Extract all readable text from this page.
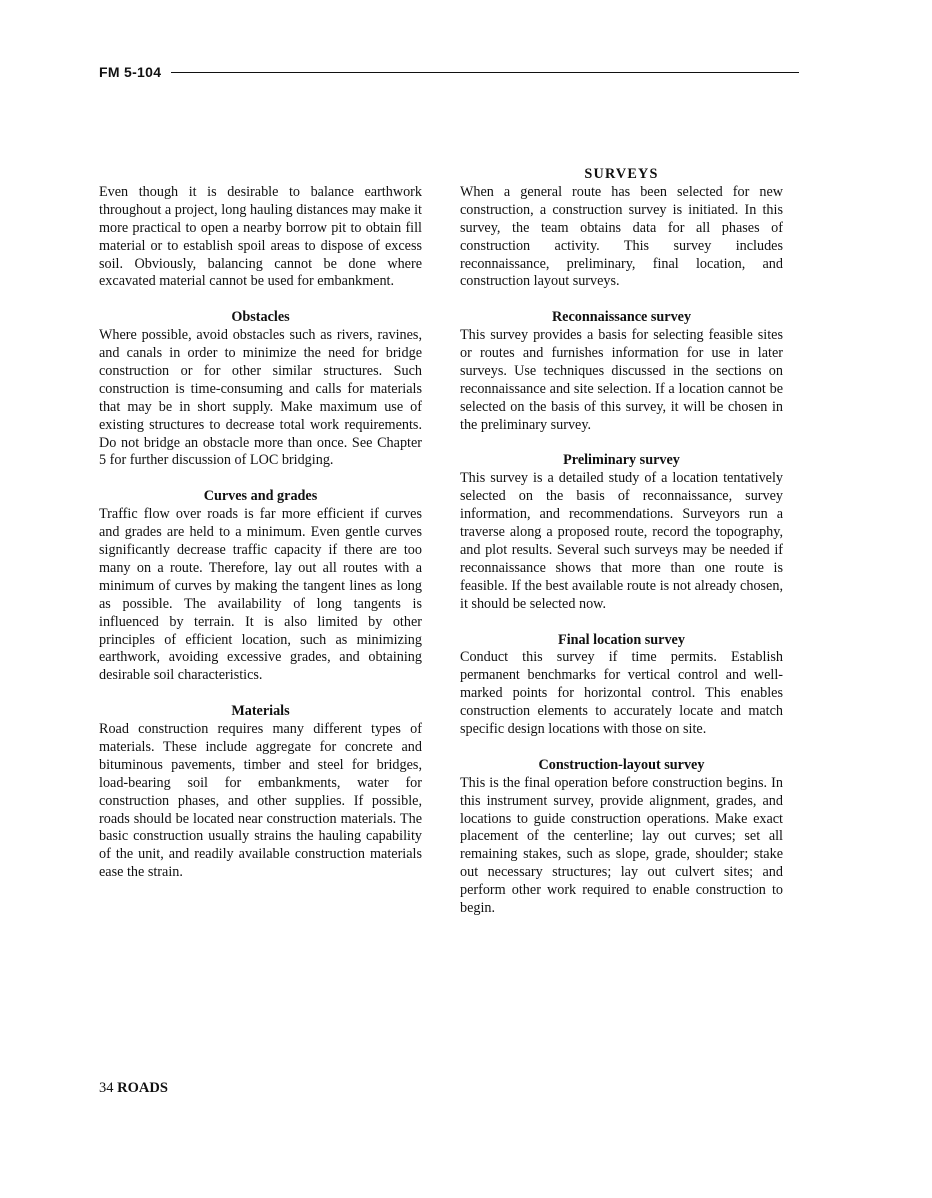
FM 5-104

Even though it is desirable to balance earthwork throughout a project, long hauling distances may make it more practical to open a nearby borrow pit to obtain fill material or to establish spoil areas to dispose of excess soil. Obviously, balancing cannot be done where excavated material cannot be used for embankment.

Obstacles

Where possible, avoid obstacles such as rivers, ravines, and canals in order to minimize the need for bridge construction or for other similar structures. Such construction is time-consuming and calls for materials that may be in short supply. Make maximum use of existing structures to decrease total work requirements. Do not bridge an obstacle more than once. See Chapter 5 for further discussion of LOC bridging.

Curves and grades

Traffic flow over roads is far more efficient if curves and grades are held to a minimum. Even gentle curves significantly decrease traffic capacity if there are too many on a route. Therefore, lay out all routes with a minimum of curves by making the tangent lines as long as possible. The availability of long tangents is influenced by terrain. It is also limited by other principles of efficient location, such as minimizing earthwork, avoiding excessive grades, and obtaining desirable soil characteristics.

Materials

Road construction requires many different types of materials. These include aggregate for concrete and bituminous pavements, timber and steel for bridges, load-bearing soil for embankments, water for construction phases, and other supplies. If possible, roads should be located near construction materials. The basic construction usually strains the hauling capability of the unit, and readily available construction materials ease the strain.

SURVEYS

When a general route has been selected for new construction, a construction survey is initiated. In this survey, the team obtains data for all phases of construction activity. This survey includes reconnaissance, preliminary, final location, and construction layout surveys.

Reconnaissance survey

This survey provides a basis for selecting feasible sites or routes and furnishes information for use in later surveys. Use techniques discussed in the sections on reconnaissance and site selection. If a location cannot be selected on the basis of this survey, it will be chosen in the preliminary survey.

Preliminary survey

This survey is a detailed study of a location tentatively selected on the basis of reconnaissance, survey information, and recommendations. Surveyors run a traverse along a proposed route, record the topography, and plot results. Several such surveys may be needed if reconnaissance shows that more than one route is feasible. If the best available route is not already chosen, it should be selected now.

Final location survey

Conduct this survey if time permits. Establish permanent benchmarks for vertical control and well-marked points for horizontal control. This enables construction elements to accurately locate and match specific design locations with those on site.

Construction-layout survey

This is the final operation before construction begins. In this instrument survey, provide alignment, grades, and locations to guide construction operations. Make exact placement of the centerline; lay out curves; set all remaining stakes, such as slope, grade, shoulder; stake out necessary structures; lay out culvert sites; and perform other work required to enable construction to begin.

34 ROADS
